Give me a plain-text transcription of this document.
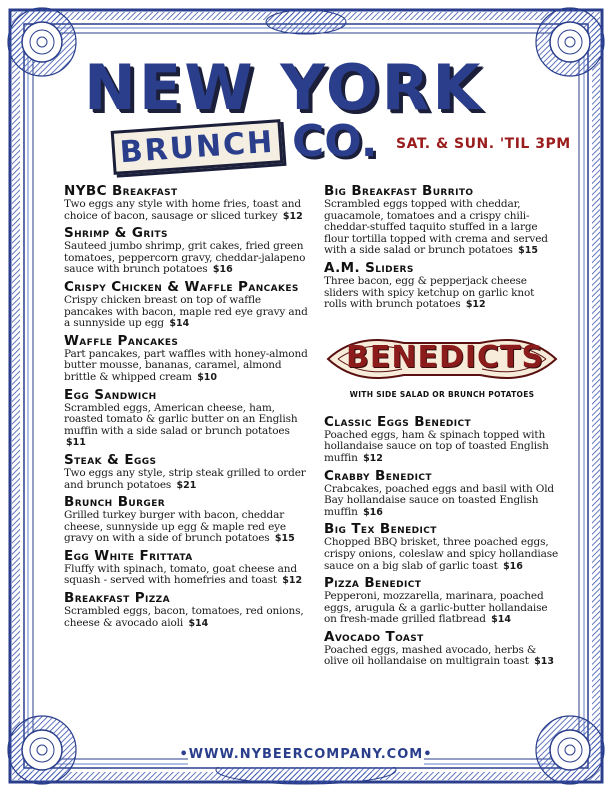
NEW YORK
BRUNCH CO.	SAT. & SUN. 'TIL 3PM
NYBC Breakfast
Two eggs any style with home fries, toast and choice of bacon, sausage or sliced turkey $12
Shrimp & Grits
Sauteed jumbo shrimp, grit cakes, fried green tomatoes, peppercorn gravy, cheddar-jalapeno sauce with brunch potatoes $16
Crispy Chicken & Waffle Pancakes
Crispy chicken breast on top of waffle pancakes with bacon, maple red eye gravy and a sunnyside up egg $14
Waffle Pancakes
Part pancakes, part waffles with honey-almond butter mousse, bananas, caramel, almond brittle & whipped cream $10
Egg Sandwich
Scrambled eggs, American cheese, ham, roasted tomato & garlic butter on an English muffin with a side salad or brunch potatoes $11
Steak & Eggs
Two eggs any style, strip steak grilled to order and brunch potatoes $21
Brunch Burger
Grilled turkey burger with bacon, cheddar cheese, sunnyside up egg & maple red eye gravy on with a side of brunch potatoes $15
Egg White Frittata
Fluffy with spinach, tomato, goat cheese and squash - served with homefries and toast $12
Breakfast Pizza
Scrambled eggs, bacon, tomatoes, red onions, cheese & avocado aioli $14
Big Breakfast Burrito
Scrambled eggs topped with cheddar, guacamole, tomatoes and a crispy chili-cheddar-stuffed taquito stuffed in a large flour tortilla topped with crema and served with a side salad or brunch potatoes $15
A.M. Sliders
Three bacon, egg & pepperjack cheese sliders with spicy ketchup on garlic knot rolls with brunch potatoes $12
BENEDICTS
WITH SIDE SALAD OR BRUNCH POTATOES
Classic Eggs Benedict
Poached eggs, ham & spinach topped with hollandaise sauce on top of toasted English muffin $12
Crabby Benedict
Crabcakes, poached eggs and basil with Old Bay hollandaise sauce on toasted English muffin $16
Big Tex Benedict
Chopped BBQ brisket, three poached eggs, crispy onions, coleslaw and spicy hollandiase sauce on a big slab of garlic toast $16
Pizza Benedict
Pepperoni, mozzarella, marinara, poached eggs, arugula & a garlic-butter hollandaise on fresh-made grilled flatbread $14
Avocado Toast
Poached eggs, mashed avocado, herbs & olive oil hollandaise on multigrain toast $13
•WWW.NYBEERCOMPANY.COM•
